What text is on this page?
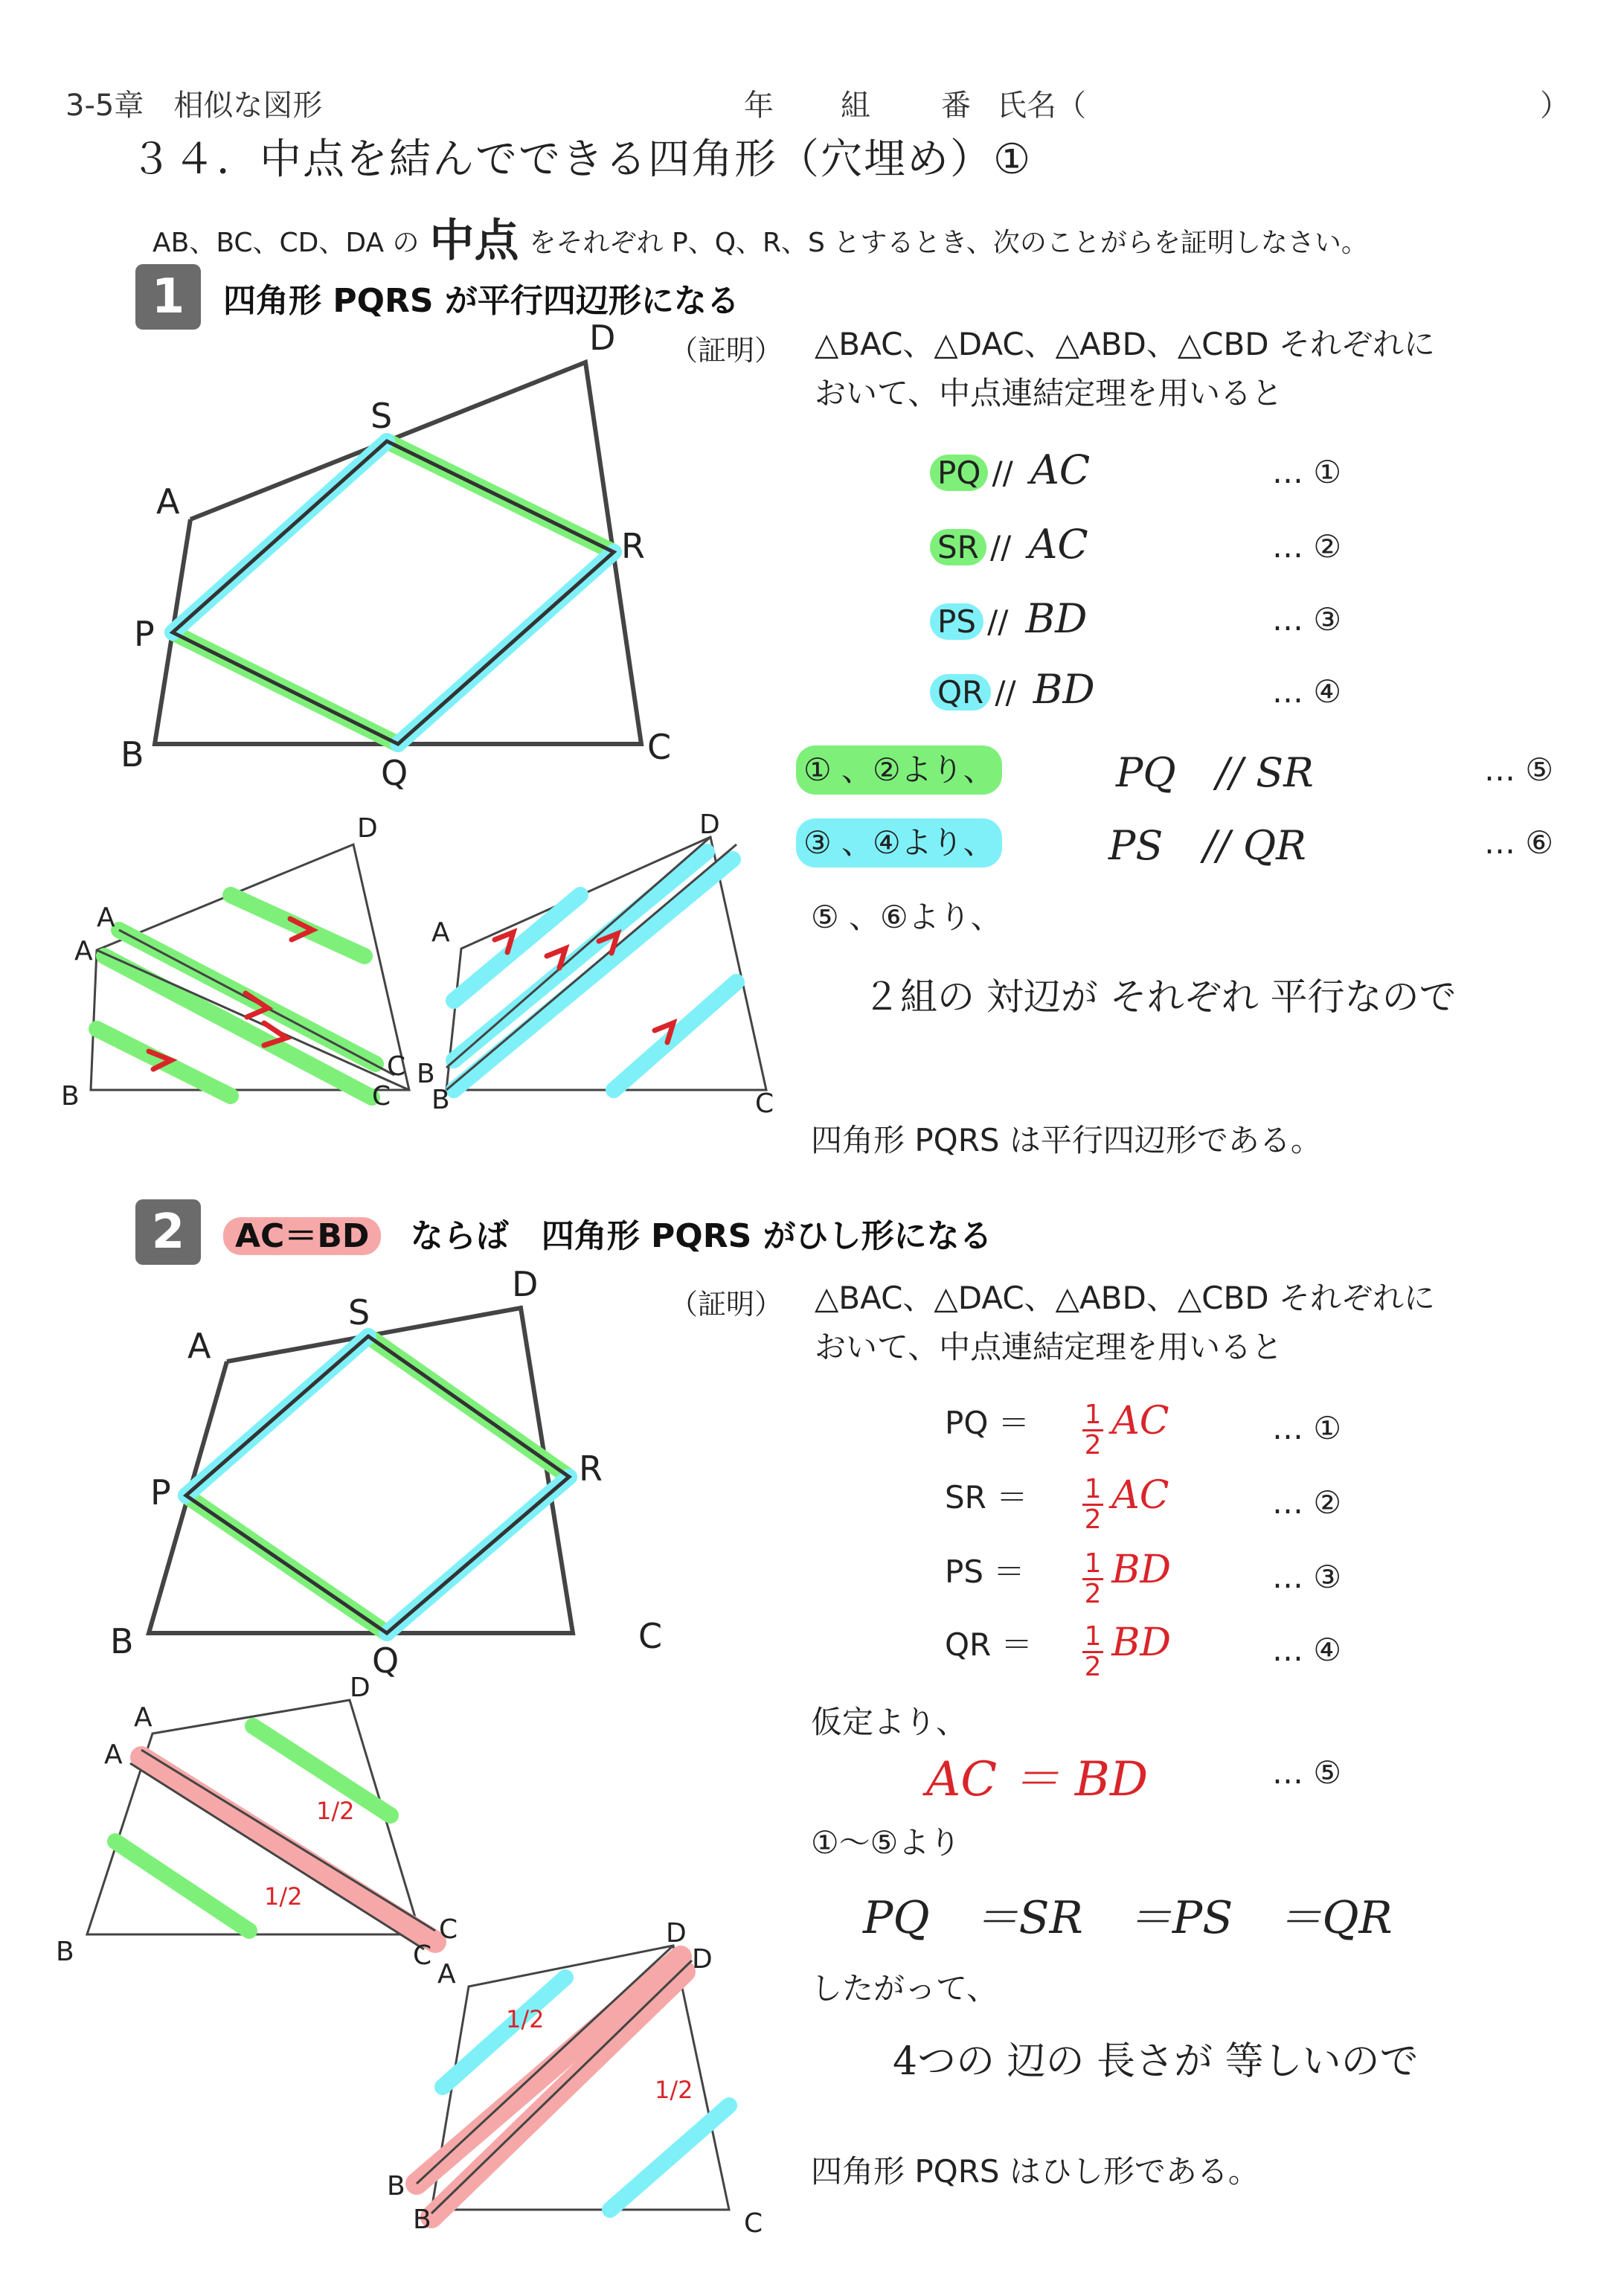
3-5章　相似な図形	年 組 番 氏名（	）
３４．中点を結んでできる四角形（穴埋め）①
AB、BC、CD、DA の 中点 をそれぞれ P、Q、R、S とするとき、次のことがらを証明しなさい。
1	四角形 PQRS が平行四辺形になる
A
D
S
R
P
B	Q
C
A
A
D
B
C
C
A
D
B
B	C
（証明） △BAC、△DAC、△ABD、△CBD それぞれに
おいて、中点連結定理を用いると
PQ // AC	… ①
SR // AC	… ②
PS // BD	… ③
QR // BD	… ④
① 、②より、	PQ　// SR	… ⑤
③ 、④より、	PS　// QR	… ⑥
⑤ 、⑥より、
２組の 対辺が それぞれ 平行なので
四角形 PQRS は平行四辺形である。
2	AC＝BD ならば　四角形 PQRS がひし形になる
A
D
S
R
P
B	Q
C
A
A
D
B
C
C
1/2
1/2
A
D
D
B
B	C
1/2
1/2
（証明） △BAC、△DAC、△ABD、△CBD それぞれに
おいて、中点連結定理を用いると
PQ ＝ $\frac{1}{2}$ AC	… ①
SR ＝ $\frac{1}{2}$ AC	… ②
PS ＝ $\frac{1}{2}$ BD	… ③
QR ＝ $\frac{1}{2}$ BD	… ④
仮定より、
AC ＝ BD	… ⑤
①～⑤より
PQ　＝SR　＝PS　＝QR
したがって、
4つの 辺の 長さが 等しいので
四角形 PQRS はひし形である。
